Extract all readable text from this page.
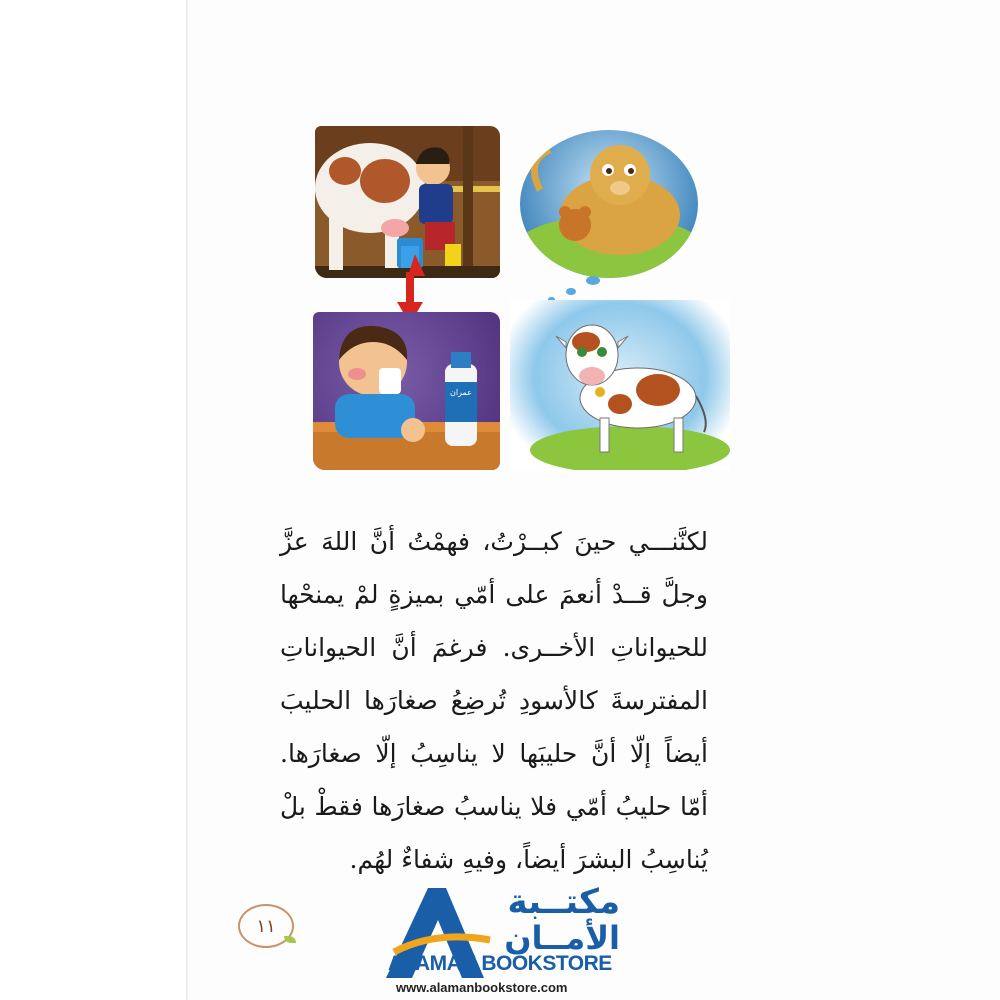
عمران
لكنَّنـــي حينَ كبــرْتُ، فهمْتُ أنَّ اللهَ عزَّ
وجلَّ قــدْ أنعمَ على أمّي بميزةٍ لمْ يمنحْها
للحيواناتِ الأخــرى. فرغمَ أنَّ الحيواناتِ
المفترسةَ كالأسودِ تُرضِعُ صغارَها الحليبَ
أيضاً إلّا أنَّ حليبَها لا يناسِبُ إلّا صغارَها.
أمّا حليبُ أمّي فلا يناسبُ صغارَها فقطْ بلْ
يُناسِبُ البشرَ أيضاً، وفيهِ شفاءٌ لهُم.
١١
مكتــبة
الأمــان
ALAMAN BOOKSTORE
www.alamanbookstore.com
